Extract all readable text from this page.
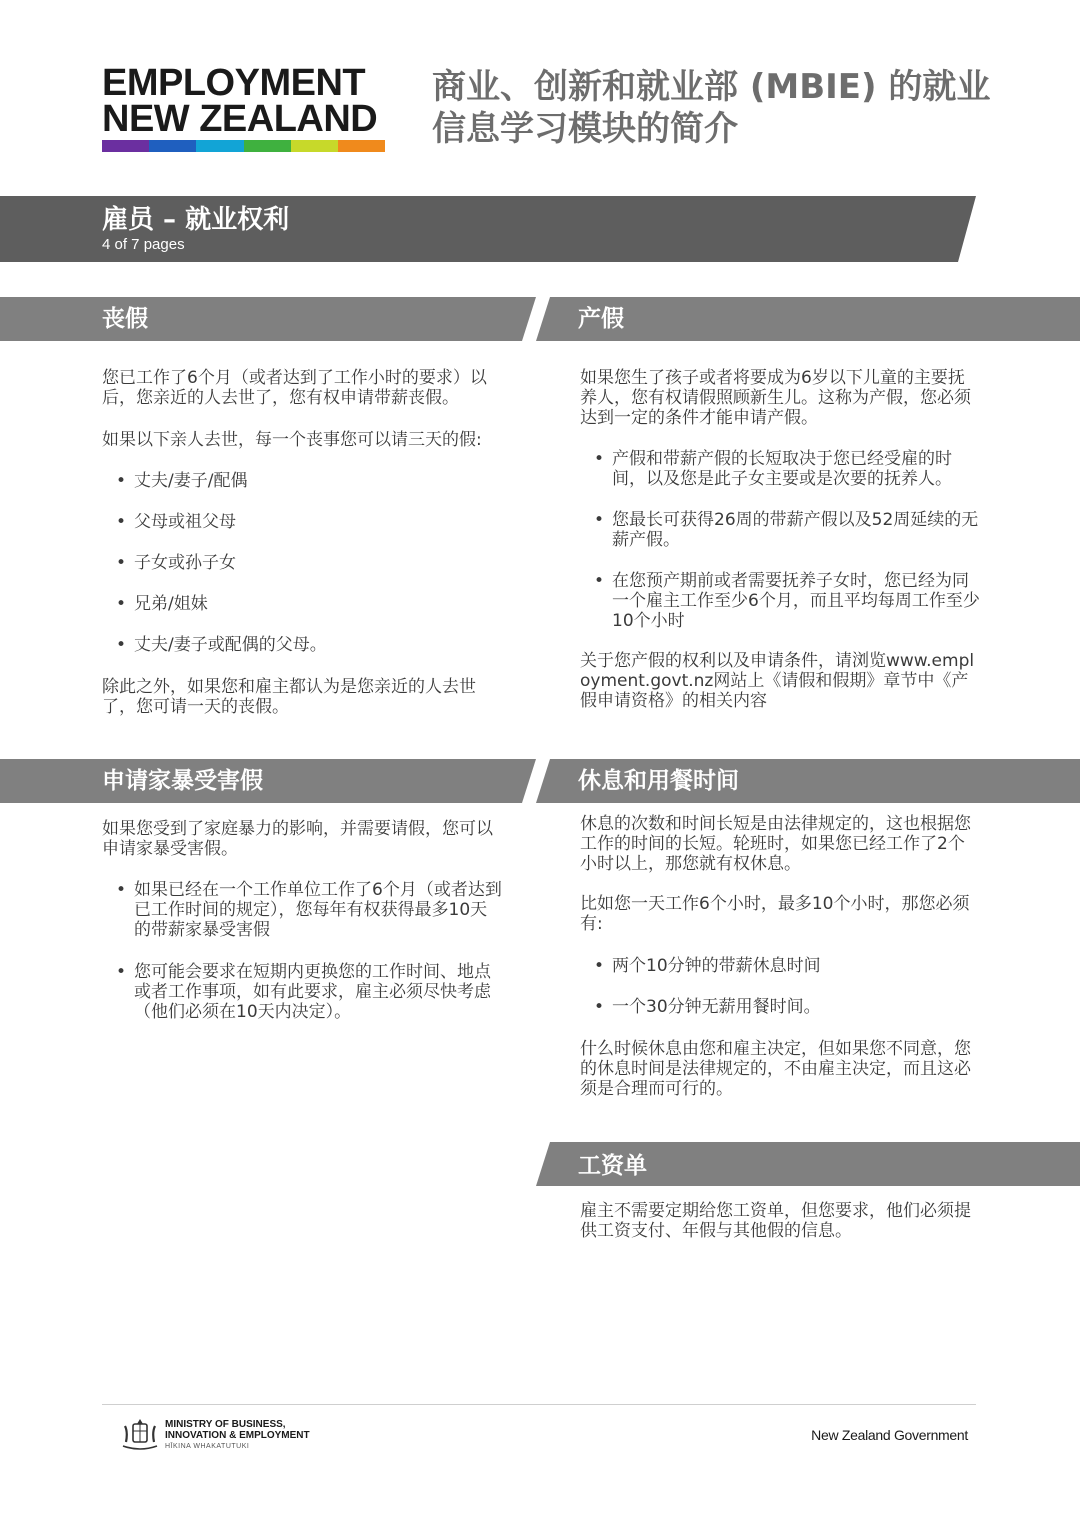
EMPLOYMENT
NEW ZEALAND
商业、创新和就业部 (MBIE) 的就业信息学习模块的简介
雇员 – 就业权利
4 of 7 pages
丧假

您已工作了6个月（或者达到了工作小时的要求）以后，您亲近的人去世了，您有权申请带薪丧假。

如果以下亲人去世，每一个丧事您可以请三天的假:

• 丈夫/妻子/配偶
• 父母或祖父母
• 子女或孙子女
• 兄弟/姐妹
• 丈夫/妻子或配偶的父母。

除此之外，如果您和雇主都认为是您亲近的人去世了，您可请一天的丧假。

产假

如果您生了孩子或者将要成为6岁以下儿童的主要抚养人，您有权请假照顾新生儿。这称为产假，您必须达到一定的条件才能申请产假。

• 产假和带薪产假的长短取决于您已经受雇的时间，以及您是此子女主要或是次要的抚养人。
• 您最长可获得26周的带薪产假以及52周延续的无薪产假。
• 在您预产期前或者需要抚养子女时，您已经为同一个雇主工作至少6个月，而且平均每周工作至少10个小时

关于您产假的权利以及申请条件，请浏览www.employment.govt.nz网站上《请假和假期》章节中《产假申请资格》的相关内容

申请家暴受害假

如果您受到了家庭暴力的影响，并需要请假，您可以申请家暴受害假。

• 如果已经在一个工作单位工作了6个月（或者达到已工作时间的规定），您每年有权获得最多10天的带薪家暴受害假
• 您可能会要求在短期内更换您的工作时间、地点或者工作事项，如有此要求，雇主必须尽快考虑（他们必须在10天内决定）。
休息和用餐时间

休息的次数和时间长短是由法律规定的，这也根据您工作的时间的长短。轮班时，如果您已经工作了2个小时以上，那您就有权休息。

比如您一天工作6个小时，最多10个小时，那您必须有:

• 两个10分钟的带薪休息时间
• 一个30分钟无薪用餐时间。

什么时候休息由您和雇主决定，但如果您不同意，您的休息时间是法律规定的，不由雇主决定，而且这必须是合理而可行的。

工资单

雇主不需要定期给您工资单，但您要求，他们必须提供工资支付、年假与其他假的信息。

MINISTRY OF BUSINESS,
INNOVATION & EMPLOYMENT
HĪKINA WHAKATUTUKI
New Zealand Government
